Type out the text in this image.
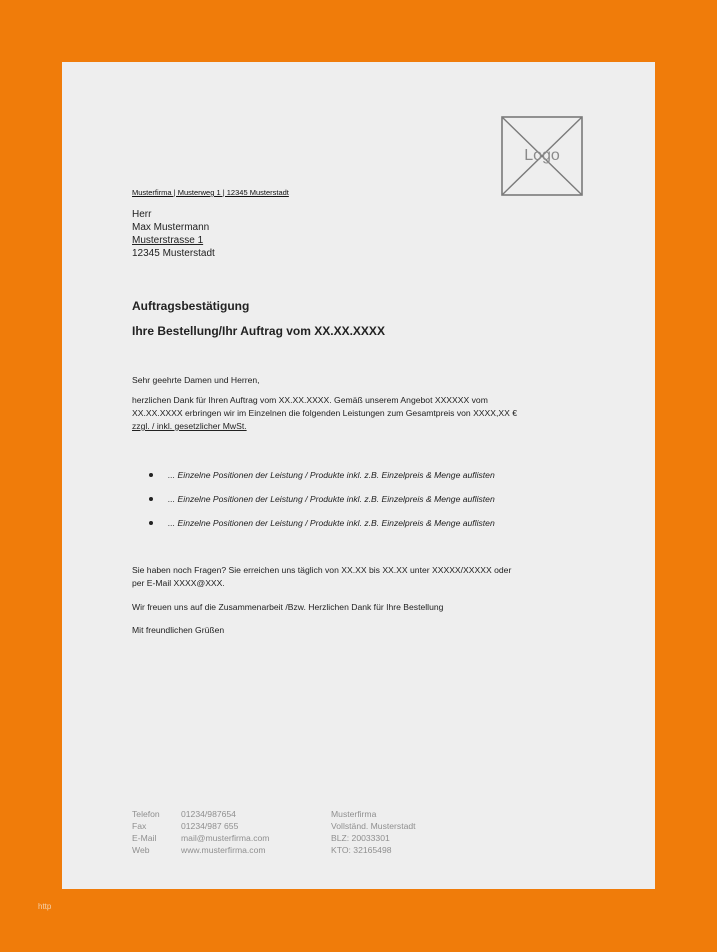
Logo
Musterfirma | Musterweg 1 | 12345 Musterstadt
Herr
Max Mustermann
Musterstrasse 1
12345 Musterstadt
Auftragsbestätigung
Ihre Bestellung/Ihr Auftrag vom XX.XX.XXXX
Sehr geehrte Damen und Herren,
herzlichen Dank für Ihren Auftrag vom XX.XX.XXXX. Gemäß unserem Angebot XXXXXX vom
XX.XX.XXXX erbringen wir im Einzelnen die folgenden Leistungen zum Gesamtpreis von XXXX,XX €
zzgl. / inkl. gesetzlicher MwSt.
... Einzelne Positionen der Leistung / Produkte inkl. z.B. Einzelpreis & Menge auflisten
... Einzelne Positionen der Leistung / Produkte inkl. z.B. Einzelpreis & Menge auflisten
... Einzelne Positionen der Leistung / Produkte inkl. z.B. Einzelpreis & Menge auflisten
Sie haben noch Fragen? Sie erreichen uns täglich von XX.XX bis XX.XX unter XXXXX/XXXXX oder
per E-Mail XXXX@XXX.
Wir freuen uns auf die Zusammenarbeit /Bzw. Herzlichen Dank für Ihre Bestellung
Mit freundlichen Grüßen
Telefon
Fax
E-Mail
Web
01234/987654
01234/987 655
mail@musterfirma.com
www.musterfirma.com
Musterfirma
Vollständ. Musterstadt
BLZ: 20033301
KTO: 32165498
http
